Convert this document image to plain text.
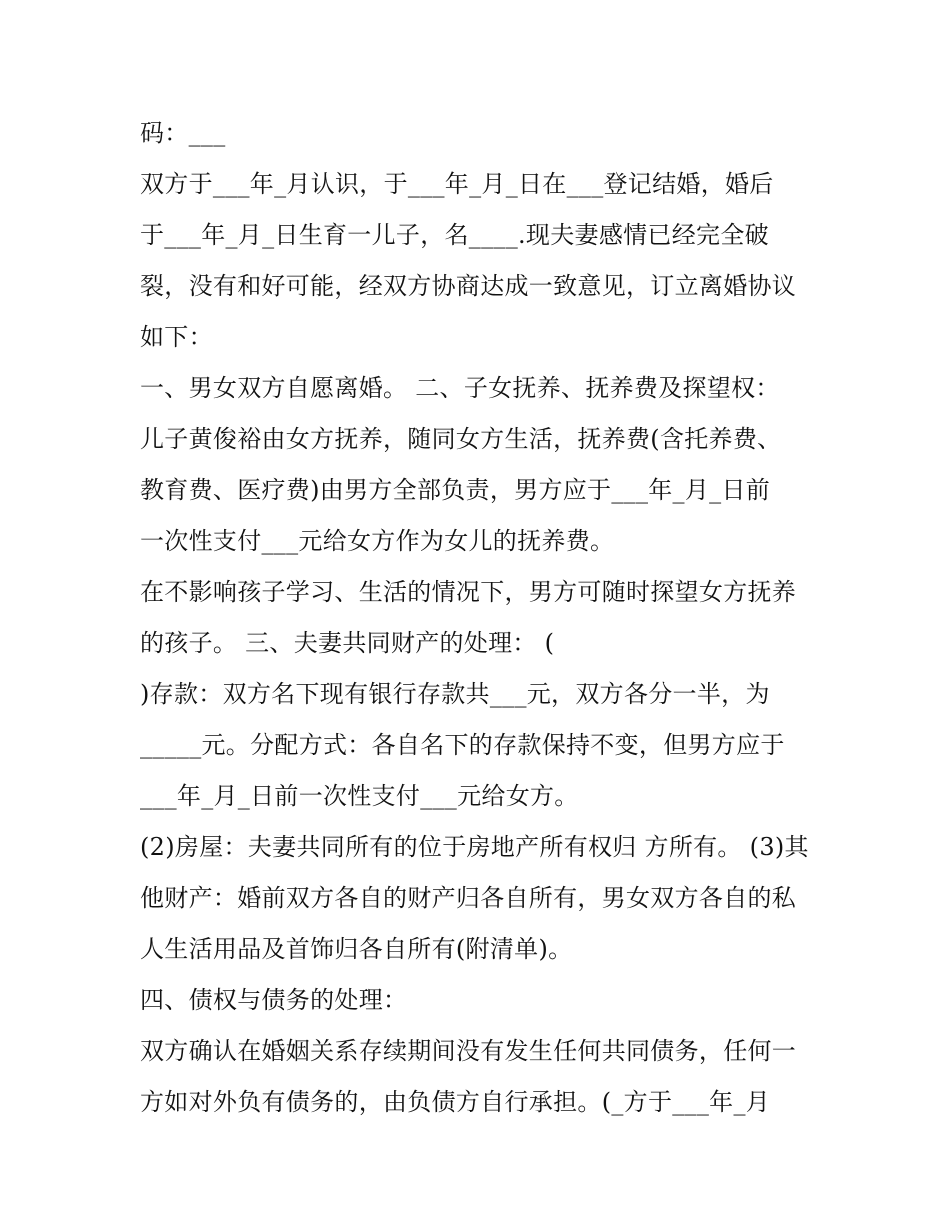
码：___
双方于___年_月认识，于___年_月_日在___登记结婚，婚后
于___年_月_日生育一儿子，名____.现夫妻感情已经完全破
裂，没有和好可能，经双方协商达成一致意见，订立离婚协议
如下：
一、男女双方自愿离婚。 二、子女抚养、抚养费及探望权：
儿子黄俊裕由女方抚养，随同女方生活，抚养费(含托养费、
教育费、医疗费)由男方全部负责，男方应于___年_月_日前
一次性支付___元给女方作为女儿的抚养费。
在不影响孩子学习、生活的情况下，男方可随时探望女方抚养
的孩子。 三、夫妻共同财产的处理： (
)存款：双方名下现有银行存款共___元，双方各分一半，为
_____元。分配方式：各自名下的存款保持不变，但男方应于
___年_月_日前一次性支付___元给女方。
(2)房屋：夫妻共同所有的位于房地产所有权归 方所有。 (3)其
他财产：婚前双方各自的财产归各自所有，男女双方各自的私
人生活用品及首饰归各自所有(附清单)。
四、债权与债务的处理：
双方确认在婚姻关系存续期间没有发生任何共同债务，任何一
方如对外负有债务的，由负债方自行承担。(_方于___年_月
